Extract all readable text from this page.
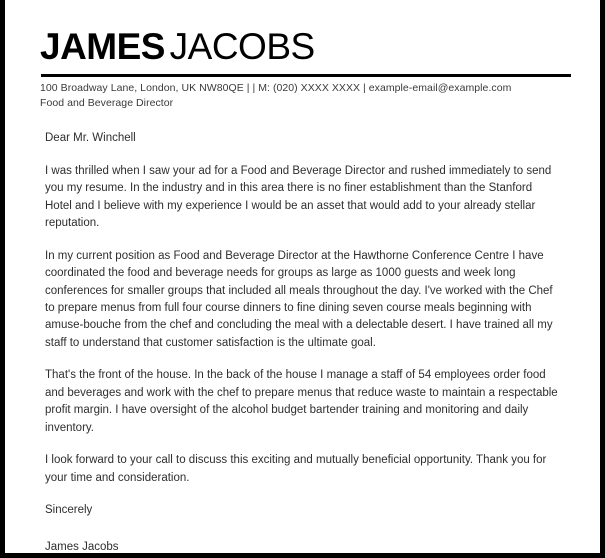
JAMES JACOBS
100 Broadway Lane, London, UK NW80QE | | M: (020) XXXX XXXX | example-email@example.com
Food and Beverage Director

Dear Mr. Winchell

I was thrilled when I saw your ad for a Food and Beverage Director and rushed immediately to send you my resume. In the industry and in this area there is no finer establishment than the Stanford Hotel and I believe with my experience I would be an asset that would add to your already stellar reputation.

In my current position as Food and Beverage Director at the Hawthorne Conference Centre I have coordinated the food and beverage needs for groups as large as 1000 guests and week long conferences for smaller groups that included all meals throughout the day. I've worked with the Chef to prepare menus from full four course dinners to fine dining seven course meals beginning with amuse-bouche from the chef and concluding the meal with a delectable desert. I have trained all my staff to understand that customer satisfaction is the ultimate goal.

That's the front of the house. In the back of the house I manage a staff of 54 employees order food and beverages and work with the chef to prepare menus that reduce waste to maintain a respectable profit margin. I have oversight of the alcohol budget bartender training and monitoring and daily inventory.

I look forward to your call to discuss this exciting and mutually beneficial opportunity. Thank you for your time and consideration.

Sincerely

James Jacobs
